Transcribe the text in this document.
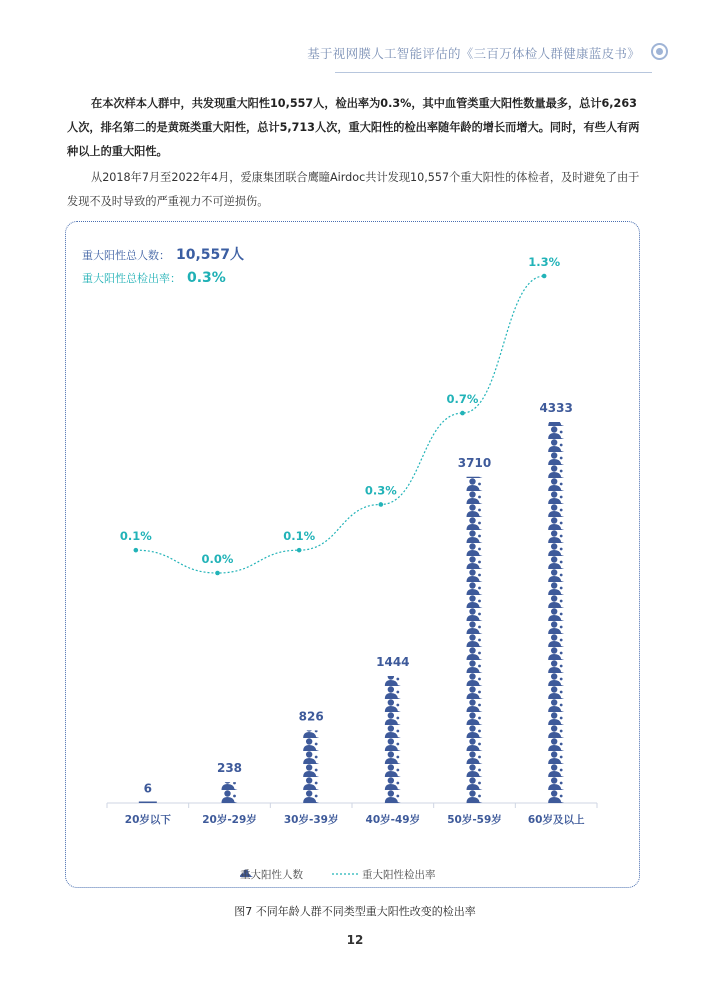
基于视网膜人工智能评估的《三百万体检人群健康蓝皮书》
在本次样本人群中，共发现重大阳性10,557人，检出率为0.3%，其中血管类重大阳性数量最多，总计6,263人次，排名第二的是黄斑类重大阳性，总计5,713人次，重大阳性的检出率随年龄的增长而增大。同时，有些人有两种以上的重大阳性。
从2018年7月至2022年4月，爱康集团联合鹰瞳Airdoc共计发现10,557个重大阳性的体检者，及时避免了由于发现不及时导致的严重视力不可逆损伤。
重大阳性总人数： 10,557人
重大阳性总检出率： 0.3%
6
238
826
1444
3710
4333
20岁以下	20岁-29岁	30岁-39岁	40岁-49岁	50岁-59岁 60岁及以上
0.1%
0.0%
0.1%
0.3%
0.7%
1.3%
重大阳性人数	重大阳性检出率
图7 不同年龄人群不同类型重大阳性改变的检出率
12
